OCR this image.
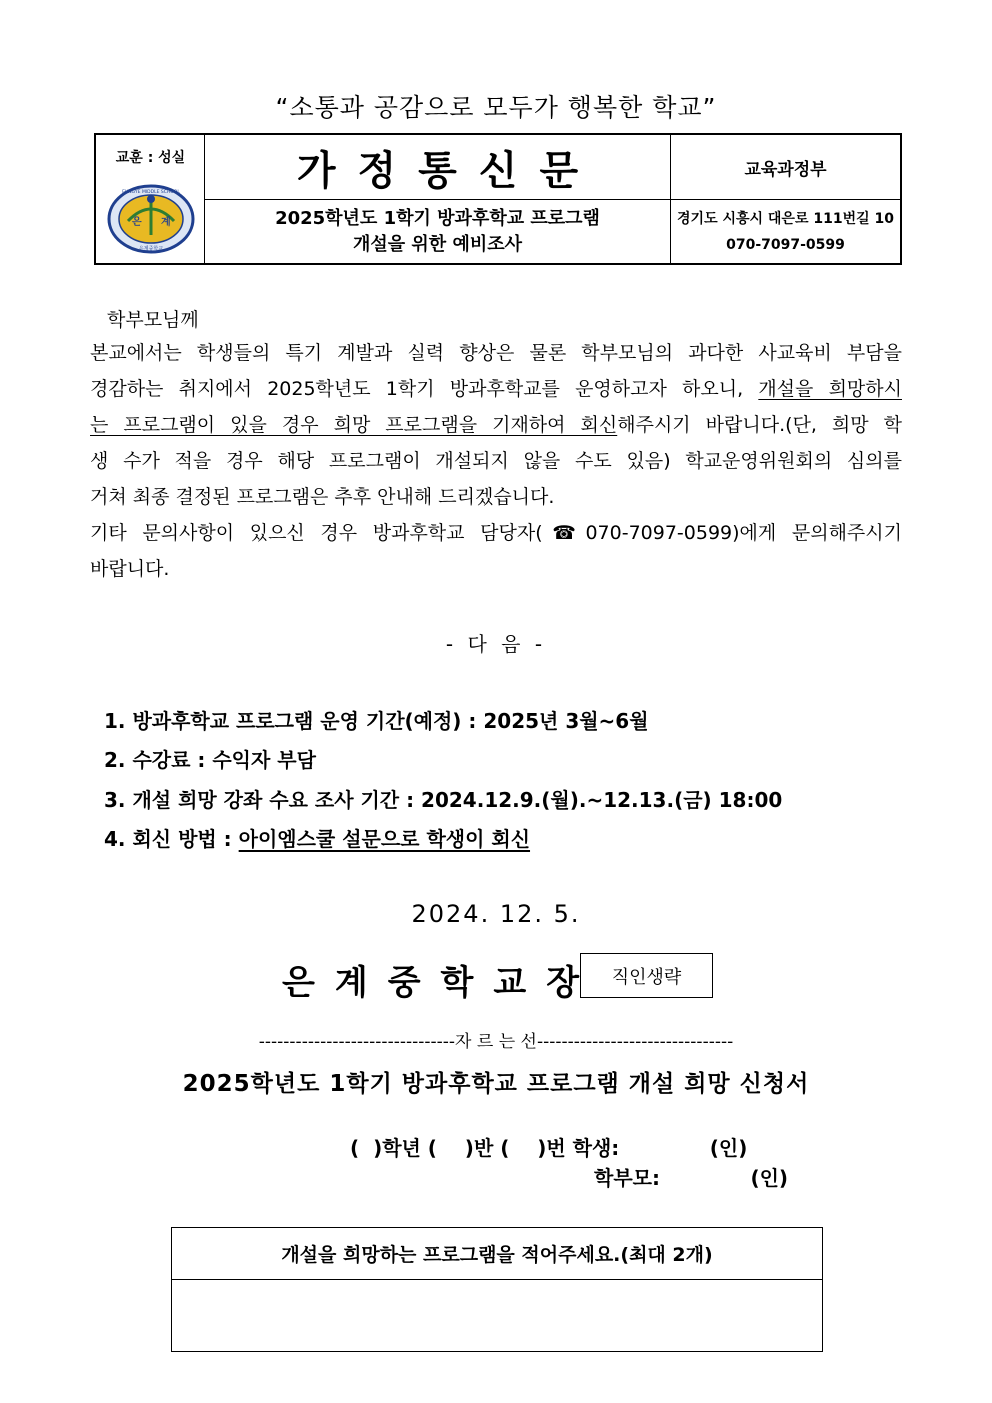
“소통과 공감으로 모두가 행복한 학교”
교훈 : 성실
은 계
EUNGYE MIDDLE SCHOOL
은계중학교
가정통신문	교육과정부
2025학년도 1학기 방과후학교 프로그램
개설을 위한 예비조사
경기도 시흥시 대은로 111번길 10
070-7097-0599
학부모님께
본교에서는 학생들의 특기 계발과 실력 향상은 물론 학부모님의 과다한 사교육비 부담을
경감하는 취지에서 2025학년도 1학기 방과후학교를 운영하고자 하오니, 개설을 희망하시
는 프로그램이 있을 경우 희망 프로그램을 기재하여 회신해주시기 바랍니다.(단, 희망 학
생 수가 적을 경우 해당 프로그램이 개설되지 않을 수도 있음) 학교운영위원회의 심의를
거쳐 최종 결정된 프로그램은 추후 안내해 드리겠습니다.
기타 문의사항이 있으신 경우 방과후학교 담당자(☎070-7097-0599)에게 문의해주시기
바랍니다.
- 다 음 -
1. 방과후학교 프로그램 운영 기간(예정) : 2025년 3월~6월
2. 수강료 : 수익자 부담
3. 개설 희망 강좌 수요 조사 기간 : 2024.12.9.(월).~12.13.(금) 18:00
4. 회신 방법 : 아이엠스쿨 설문으로 학생이 회신
2024. 12. 5.
은계중학교장 직인생략
--------------------------------자 르 는 선--------------------------------
2025학년도 1학기 방과후학교 프로그램 개설 희망 신청서
(  )학년 (    )반 (    )번 학생:             (인)
학부모:             (인)
개설을 희망하는 프로그램을 적어주세요.(최대 2개)
